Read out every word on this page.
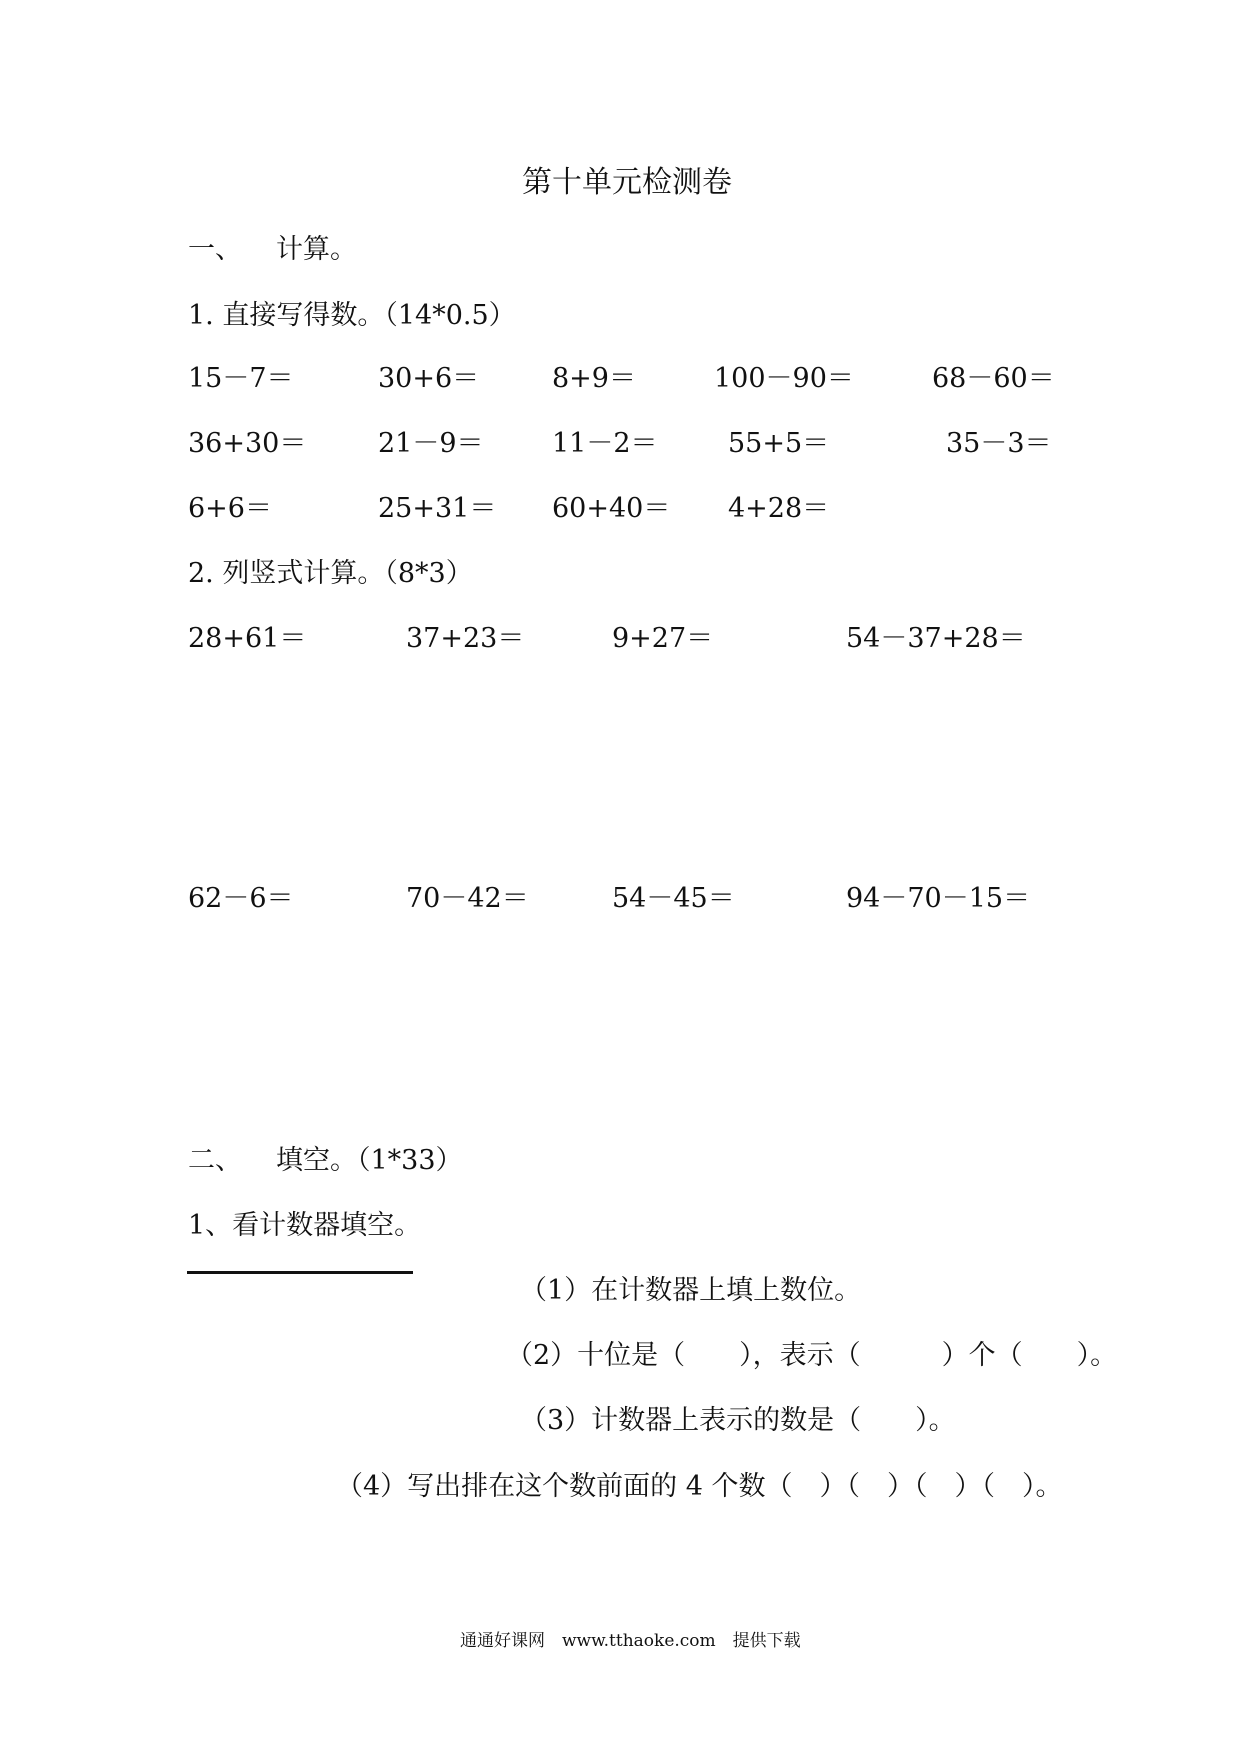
第十单元检测卷
一、 计算。
1. 直接写得数。（14*0.5）
15－7＝	30+6＝	8+9＝	100－90＝	68－60＝
36+30＝	21－9＝	11－2＝	55+5＝	35－3＝
6+6＝	25+31＝ 60+40＝ 4+28＝
2. 列竖式计算。（8*3）
28+61＝	37+23＝	9+27＝	54－37+28＝
62－6＝	70－42＝	54－45＝	94－70－15＝
二、 填空。（1*33）
1、看计数器填空。
（1）在计数器上填上数位。
（2）十位是（　　），表示（　　　）个（　　）。
（3）计数器上表示的数是（　　）。
（4）写出排在这个数前面的 4 个数（　）（　）（　）（　）。
通通好课网　www.tthaoke.com　提供下载
